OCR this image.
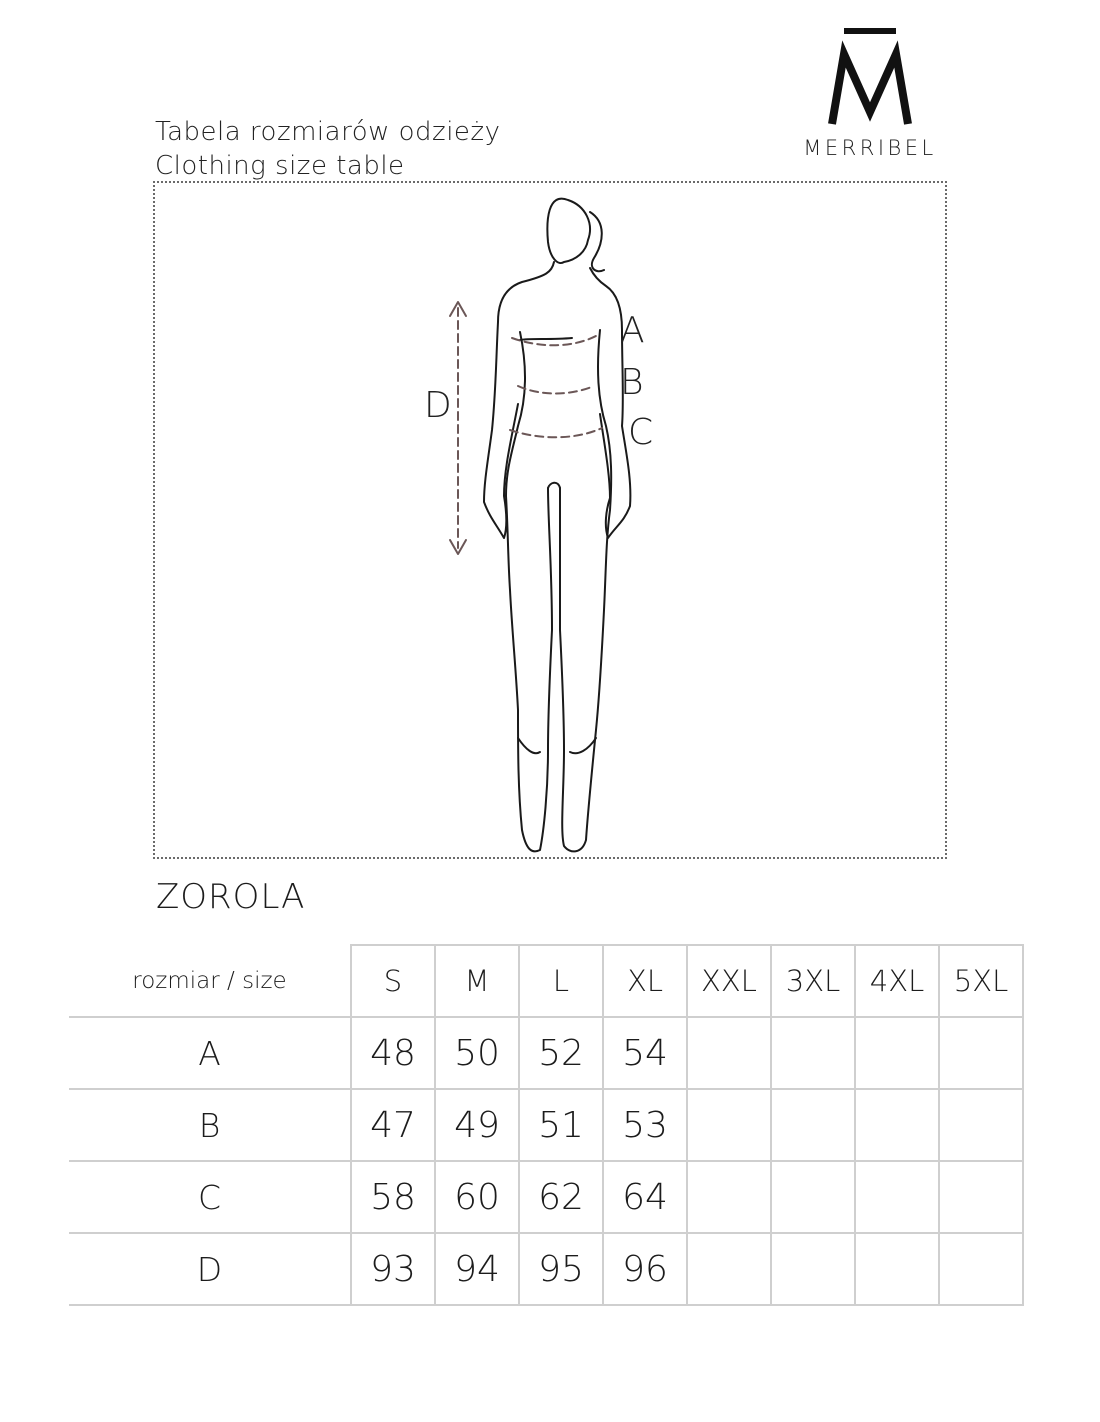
Tabela rozmiarów odzieży
Clothing size table
MERRIBEL
A
B
C
D
ZOROLA
rozmiar / size	S	M	L	XL	XXL	3XL	4XL	5XL
A	48	50	52	54				
B	47	49	51	53				
C	58	60	62	64				
D	93	94	95	96				
